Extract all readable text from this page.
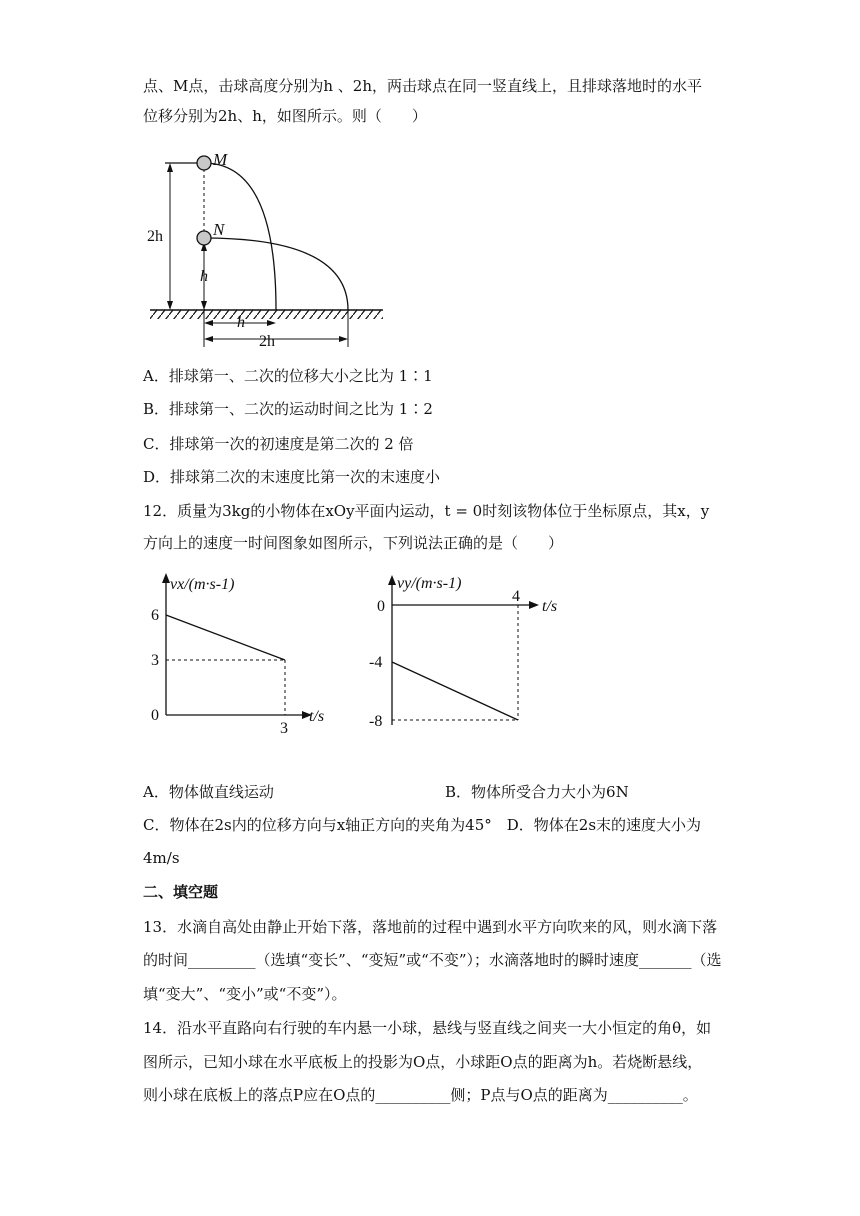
点、M点，击球高度分别为h 、2h，两击球点在同一竖直线上，且排球落地时的水平
位移分别为2h、h，如图所示。则（　　）
M
N
2h
h
h
2h
A．排球第一、二次的位移大小之比为 1∶1
B．排球第一、二次的运动时间之比为 1∶2
C．排球第一次的初速度是第二次的 2 倍
D．排球第二次的末速度比第一次的末速度小
12．质量为3kg的小物体在xOy平面内运动，t = 0时刻该物体位于坐标原点，其x，y
方向上的速度一时间图象如图所示，下列说法正确的是（　　）
vx/(m·s-1)
t/s
6
3
0
3
vy/(m·s-1)
t/s
0
4
-4
-8
A．物体做直线运动	B．物体所受合力大小为6N
C．物体在2s内的位移方向与x轴正方向的夹角为45°　D．物体在2s末的速度大小为
4m/s
二、填空题
13．水滴自高处由静止开始下落，落地前的过程中遇到水平方向吹来的风，则水滴下落
的时间_________（选填“变长”、“变短”或“不变”）；水滴落地时的瞬时速度_______（选
填“变大”、“变小”或“不变”）。
14．沿水平直路向右行驶的车内悬一小球，悬线与竖直线之间夹一大小恒定的角θ，如
图所示，已知小球在水平底板上的投影为O点，小球距O点的距离为h。若烧断悬线，
则小球在底板上的落点P应在O点的__________侧；P点与O点的距离为__________。
